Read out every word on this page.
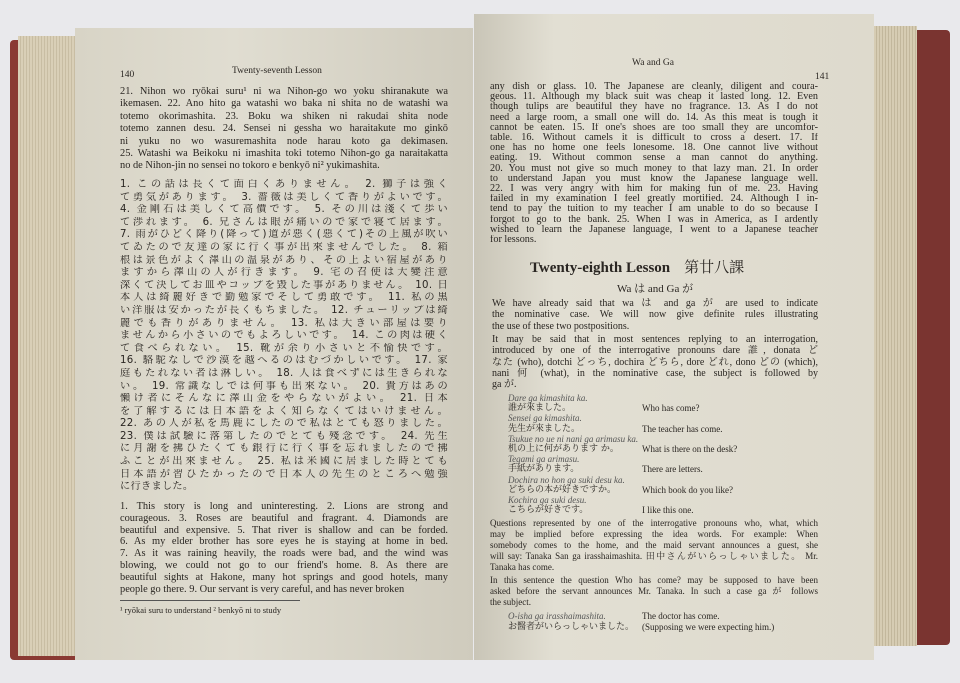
140	Twenty-seventh Lesson
21. Nihon wo ryōkai suru¹ ni wa Nihon-go wo yoku shiranakute wa
ikemasen. 22. Ano hito ga watashi wo baka ni shita no de watashi wa
totemo okorimashita. 23. Boku wa shiken ni rakudai shita node
totemo zannen desu. 24. Sensei ni gessha wo haraitakute mo ginkō
ni yuku no wo wasuremashita node harau koto ga dekimasen.
25. Watashi wa Beikoku ni imashita toki totemo Nihon-go ga naraitakatta
no de Nihon-jin no sensei no tokoro e benkyō ni² yukimashita.
1. この話は長くて面白くありません。 2. 獅子は強く
て勇気があります。 3. 薔薇は美しくて香りがよいです。
4. 金剛石は美しくて高價です。 5. その川は淺くて歩い
て渉れます。 6. 兄さんは眼が痛いので家で寝て居ます。
7. 雨がひどく降り(降って)道が惡く(惡くて)その上風が吹い
てゐたので友達の家に行く事が出來ませんでした。 8. 箱
根は景色がよく澤山の温泉があり、その上よい宿屋があり
ますから澤山の人が行きます。 9. 宅の召使は大變注意
深くて決してお皿やコップを毀した事がありません。 10. 日
本人は綺麗好きで勤勉家でそして勇敢です。 11. 私の黒
い洋服は安かったが長くもちました。 12. チューリップは綺
麗でも香りがありません。 13. 私は大きい部屋は要り
ませんから小さいのでもよろしいです。 14. この肉は硬く
て食べられない。 15. 靴が余り小さいと不愉快です。
16. 駱駝なしで沙漠を越へるのはむづかしいです。 17. 家
庭もたれない者は淋しい。 18. 人は食べずには生きられな
い。 19. 常識なしでは何事も出來ない。 20. 貴方はあの
懶け者にそんなに澤山金をやらないがよい。 21. 日本
を了解するには日本語をよく知らなくてはいけません。
22. あの人が私を馬鹿にしたので私はとても怒りました。
23. 僕は試驗に落第したのでとても殘念です。 24. 先生
に月謝を拂ひたくても銀行に行く事を忘れましたので拂
ふことが出來ません。 25. 私は米國に居ました時とても
日本語が習ひたかったので日本人の先生のところへ勉強
に行きました。
1. This story is long and uninteresting. 2. Lions are strong and
courageous. 3. Roses are beautiful and fragrant. 4. Diamonds are
beautiful and expensive. 5. That river is shallow and can be forded.
6. As my elder brother has sore eyes he is staying at home in bed.
7. As it was raining heavily, the roads were bad, and the wind was
blowing, we could not go to our friend's home. 8. As there are
beautiful sights at Hakone, many hot springs and good hotels, many
people go there. 9. Our servant is very careful, and has never broken
¹ ryōkai suru to understand ² benkyō ni to study
Wa and Ga
141
any dish or glass. 10. The Japanese are cleanly, diligent and coura-
geous. 11. Although my black suit was cheap it lasted long. 12. Even
though tulips are beautiful they have no fragrance. 13. As I do not
need a large room, a small one will do. 14. As this meat is tough it
cannot be eaten. 15. If one's shoes are too small they are uncomfor-
table. 16. Without camels it is difficult to cross a desert. 17. If
one has no home one feels lonesome. 18. One cannot live without
eating. 19. Without common sense a man cannot do anything.
20. You must not give so much money to that lazy man. 21. In order
to understand Japan you must know the Japanese language well.
22. I was very angry with him for making fun of me. 23. Having
failed in my examination I feel greatly mortified. 24. Although I in-
tend to pay the tuition to my teacher I am unable to do so because I
forgot to go to the bank. 25. When I was in America, as I ardently
wished to learn the Japanese language, I went to a Japanese teacher
for lessons.
Twenty-eighth Lesson 第廿八課
Wa は and Ga が
We have already said that wa は and ga が are used to indicate
the nominative case. We will now give definite rules illustrating
the use of these two postpositions.
It may be said that in most sentences replying to an interrogation,
introduced by one of the interrogative pronouns dare 誰, donata ど
なた (who), dotchi どっち, dochira どちら, dore どれ, dono どの (which),
nani 何 (what), in the nominative case, the subject is followed by
ga が.
Dare ga kimashita ka.
誰が來ました。	Who has come?
Sensei ga kimashita.
先生が來ました。	The teacher has come.
Tsukue no ue ni nani ga arimasu ka.
机の上に何があります か。	What is there on the desk?
Tegami ga arimasu.
手紙があります。	There are letters.
Dochira no hon ga suki desu ka.
どちらの本が好きですか。	Which book do you like?
Kochira ga suki desu.
こちらが好きです。	I like this one.
Questions represented by one of the interrogative pronouns who, what, which
may be implied before expressing the idea words. For example: When
somebody comes to the home, and the maid servant announces a guest, she
will say: Tanaka San ga irasshaimashita. 田中さんがいらっしゃいました。 Mr.
Tanaka has come.
In this sentence the question Who has come? may be supposed to have been
asked before the servant announces Mr. Tanaka. In such a case ga が follows
the subject.
O-isha ga irasshaimashita.	The doctor has come.
お醫者がいらっしゃいました。 (Supposing we were expecting him.)
